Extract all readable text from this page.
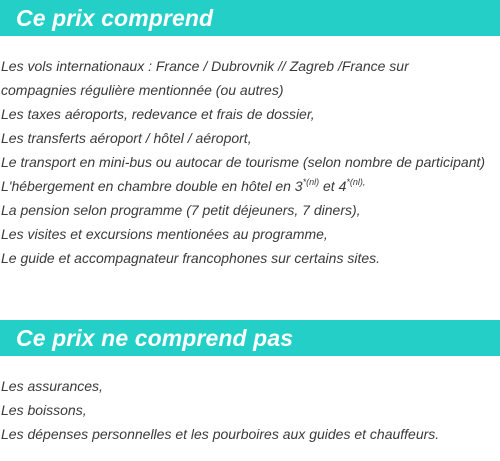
Ce prix comprend
Les vols internationaux : France / Dubrovnik // Zagreb /France sur
compagnies régulière mentionnée (ou autres)
Les taxes aéroports, redevance et frais de dossier,
Les transferts aéroport / hôtel / aéroport,
Le transport en mini-bus ou autocar de tourisme (selon nombre de participant)
L'hébergement en chambre double en hôtel en $3^{*(nl)}$ et $4^{*(nl),}$
La pension selon programme (7 petit déjeuners, 7 diners),
Les visites et excursions mentionées au programme,
Le guide et accompagnateur francophones sur certains sites.
Ce prix ne comprend pas
Les assurances,
Les boissons,
Les dépenses personnelles et les pourboires aux guides et chauffeurs.
